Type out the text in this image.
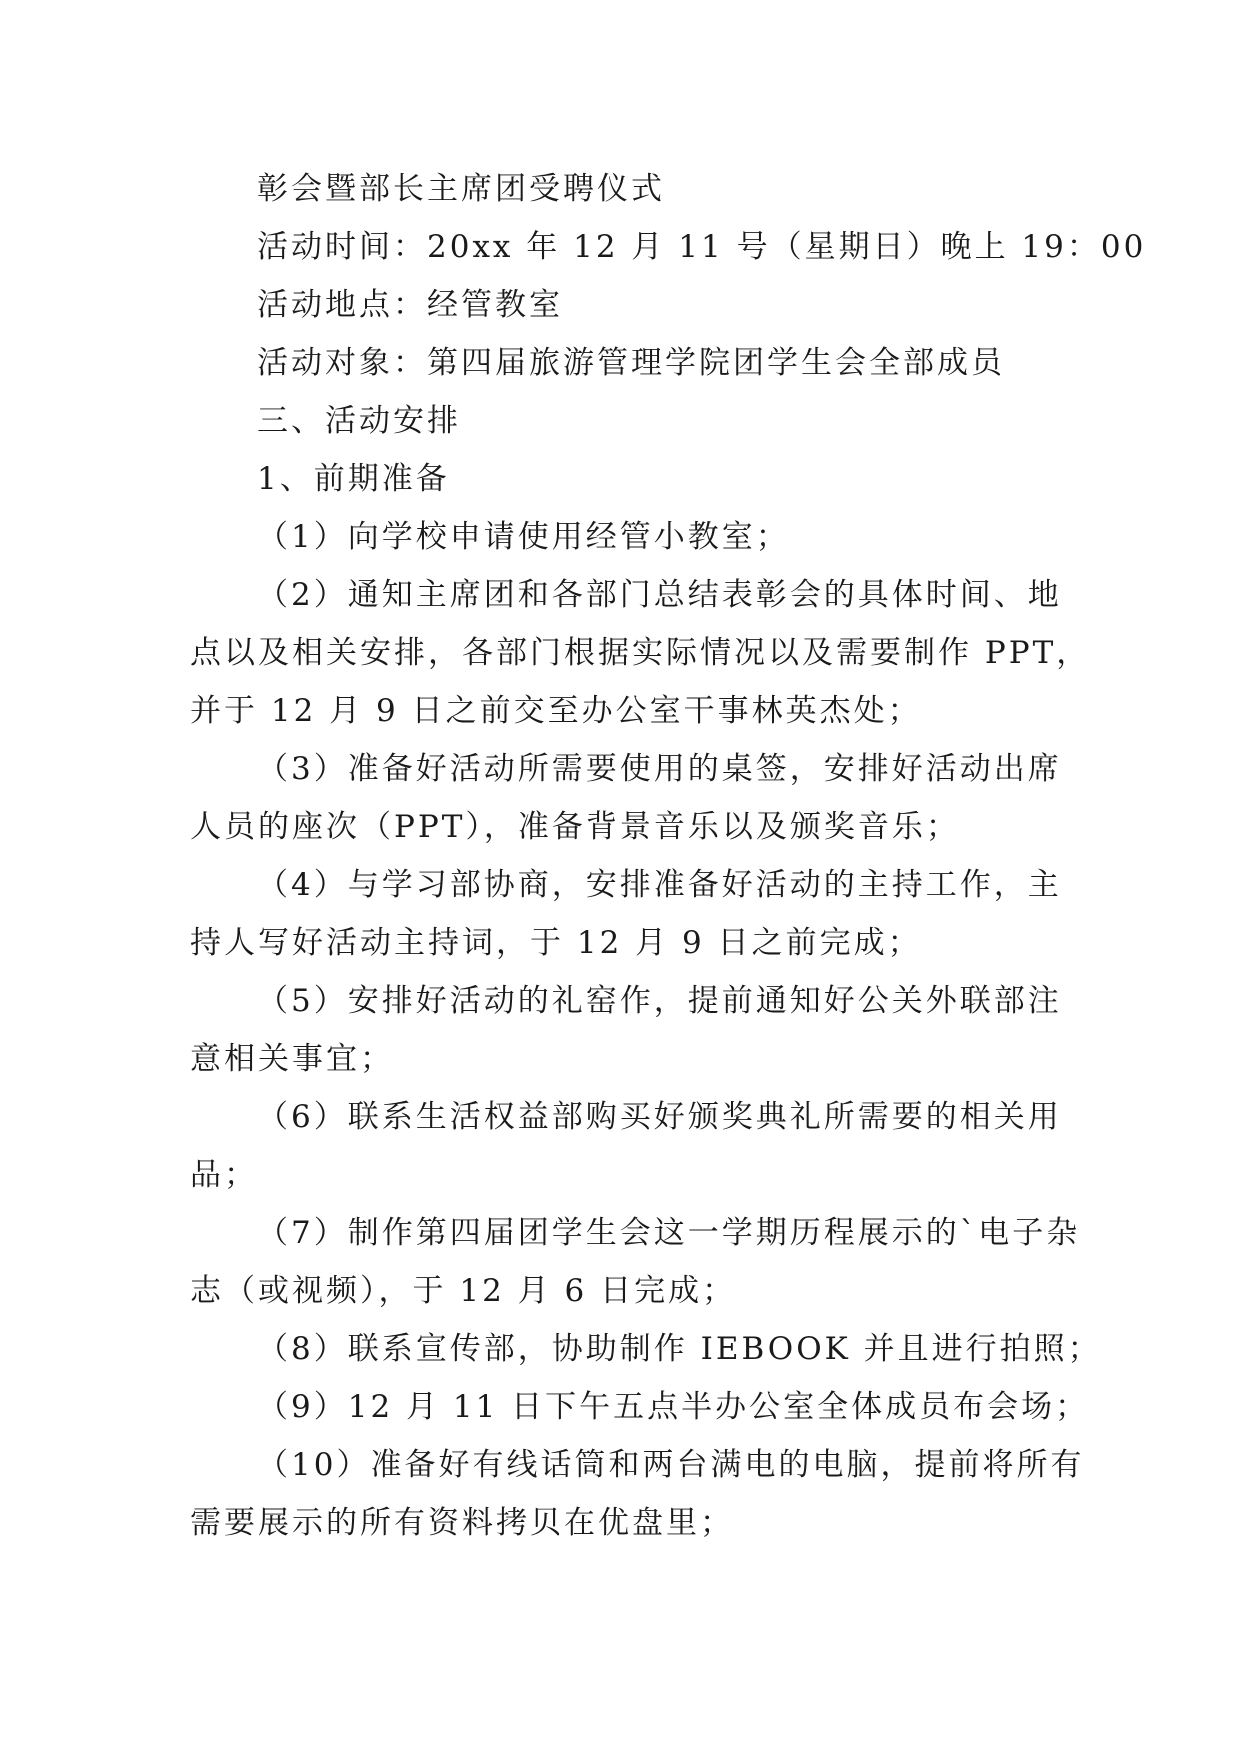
彰会暨部长主席团受聘仪式
活动时间：20xx 年 12 月 11 号（星期日）晚上 19：00
活动地点：经管教室
活动对象：第四届旅游管理学院团学生会全部成员
三、活动安排
1、前期准备
（1）向学校申请使用经管小教室；
（2）通知主席团和各部门总结表彰会的具体时间、地
点以及相关安排，各部门根据实际情况以及需要制作 PPT，
并于 12 月 9 日之前交至办公室干事林英杰处；
（3）准备好活动所需要使用的桌签，安排好活动出席
人员的座次（PPT），准备背景音乐以及颁奖音乐；
（4）与学习部协商，安排准备好活动的主持工作，主
持人写好活动主持词，于 12 月 9 日之前完成；
（5）安排好活动的礼窑作，提前通知好公关外联部注
意相关事宜；
（6）联系生活权益部购买好颁奖典礼所需要的相关用
品；
（7）制作第四届团学生会这一学期历程展示的`电子杂
志（或视频），于 12 月 6 日完成；
（8）联系宣传部，协助制作 IEBOOK 并且进行拍照；
（9）12 月 11 日下午五点半办公室全体成员布会场；
（10）准备好有线话筒和两台满电的电脑，提前将所有
需要展示的所有资料拷贝在优盘里；
